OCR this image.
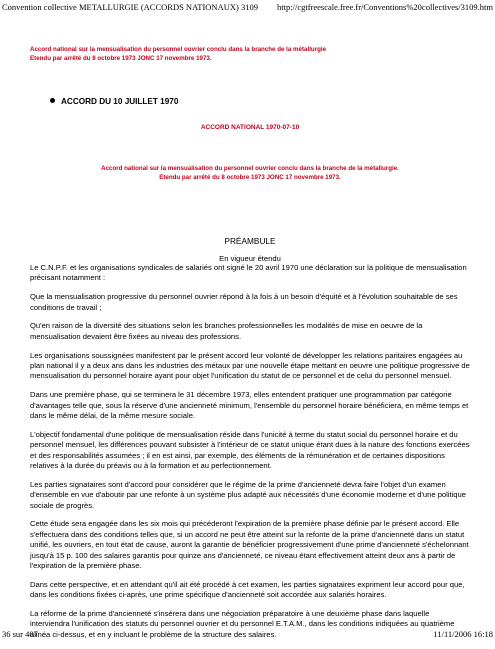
Convention collective METALLURGIE (ACCORDS NATIONAUX) 3109 http://cgtfreescale.free.fr/Conventions%20collectives/3109.htm
Accord national sur la mensualisation du personnel ouvrier conclu dans la branche de la métallurgie
Etendu par arrêté du 8 octobre 1973 JONC 17 novembre 1973.
ACCORD DU 10 JUILLET 1970
ACCORD NATIONAL 1970-07-10
Accord national sur la mensualisation du personnel ouvrier conclu dans la branche de la métallurgie.
Etendu par arrêté du 8 octobre 1973 JONC 17 novembre 1973.
PRÉAMBULE
En vigueur étendu

Le C.N.P.F. et les organisations syndicales de salariés ont signé le 20 avril 1970 une déclaration sur la politique de mensualisation précisant notamment :

Que la mensualisation progressive du personnel ouvrier répond à la fois à un besoin d'équité et à l'évolution souhaitable de ses conditions de travail ;

Qu'en raison de la diversité des situations selon les branches professionnelles les modalités de mise en oeuvre de la mensualisation devaient être fixées au niveau des professions.

Les organisations soussignées manifestent par le présent accord leur volonté de développer les relations paritaires engagées au plan national il y a deux ans dans les industries des métaux par une nouvelle étape mettant en oeuvre une politique progressive de mensualisation du personnel horaire ayant pour objet l'unification du statut de ce personnel et de celui du personnel mensuel.

Dans une première phase, qui se terminera le 31 décembre 1973, elles entendent pratiquer une programmation par catégorie d'avantages telle que, sous la réserve d'une ancienneté minimum, l'ensemble du personnel horaire bénéficiera, en même temps et dans le même délai, de la même mesure sociale.

L'objectif fondamental d'une politique de mensualisation réside dans l'unicité à terme du statut social du personnel horaire et du personnel mensuel, les différences pouvant subsister à l'intérieur de ce statut unique étant dues à la nature des fonctions exercées et des responsabilités assumées ; il en est ainsi, par exemple, des éléments de la rémunération et de certaines dispositions relatives à la durée du préavis ou à la formation et au perfectionnement.

Les parties signataires sont d'accord pour considérer que le régime de la prime d'ancienneté devra faire l'objet d'un examen d'ensemble en vue d'aboutir par une refonte à un système plus adapté aux nécessités d'une économie moderne et d'une politique sociale de progrès.

Cette étude sera engagée dans les six mois qui précéderont l'expiration de la première phase définie par le présent accord. Elle s'effectuera dans des conditions telles que, si un accord ne peut être atteint sur la refonte de la prime d'ancienneté dans un statut unifié, les ouvriers, en tout état de cause, auront la garantie de bénéficier progressivement d'une prime d'ancienneté s'échelonnant jusqu'à 15 p. 100 des salaires garantis pour quinze ans d'ancienneté, ce niveau étant effectivement atteint deux ans à partir de l'expiration de la première phase.

Dans cette perspective, et en attendant qu'il ait été procédé à cet examen, les parties signataires expriment leur accord pour que, dans les conditions fixées ci-après, une prime spécifique d'ancienneté soit accordée aux salariés horaires.

La réforme de la prime d'ancienneté s'insérera dans une négociation préparatoire à une deuxième phase dans laquelle interviendra l'unification des statuts du personnel ouvrier et du personnel E.T.A.M., dans les conditions indiquées au quatrième alinéa ci-dessus, et en y incluant le problème de la structure des salaires.

36 sur 407	11/11/2006 16:18
